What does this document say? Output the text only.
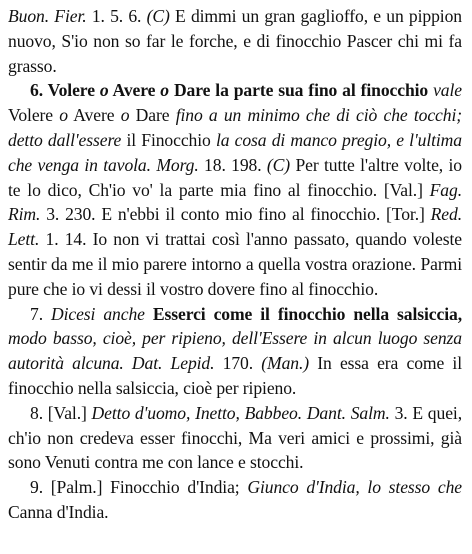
Buon. Fier. 1. 5. 6. (C) E dimmi un gran gaglioffo, e un pippion nuovo, S'io non so far le forche, e di finocchio Pascer chi mi fa grasso.

6. Volere o Avere o Dare la parte sua fino al finocchio vale Volere o Avere o Dare fino a un minimo che di ciò che tocchi; detto dall'essere il Finocchio la cosa di manco pregio, e l'ultima che venga in tavola. Morg. 18. 198. (C) Per tutte l'altre volte, io te lo dico, Ch'io vo' la parte mia fino al finocchio. [Val.] Fag. Rim. 3. 230. E n'ebbi il conto mio fino al finocchio. [Tor.] Red. Lett. 1. 14. Io non vi trattai così l'anno passato, quando voleste sentir da me il mio parere intorno a quella vostra orazione. Parmi pure che io vi dessi il vostro dovere fino al finocchio.

7. Dicesi anche Esserci come il finocchio nella salsiccia, modo basso, cioè, per ripieno, dell'Essere in alcun luogo senza autorità alcuna. Dat. Lepid. 170. (Man.) In essa era come il finocchio nella salsiccia, cioè per ripieno.

8. [Val.] Detto d'uomo, Inetto, Babbeo. Dant. Salm. 3. E quei, ch'io non credeva esser finocchi, Ma veri amici e prossimi, già sono Venuti contra me con lance e stocchi.

9. [Palm.] Finocchio d'India; Giunco d'India, lo stesso che Canna d'India.
